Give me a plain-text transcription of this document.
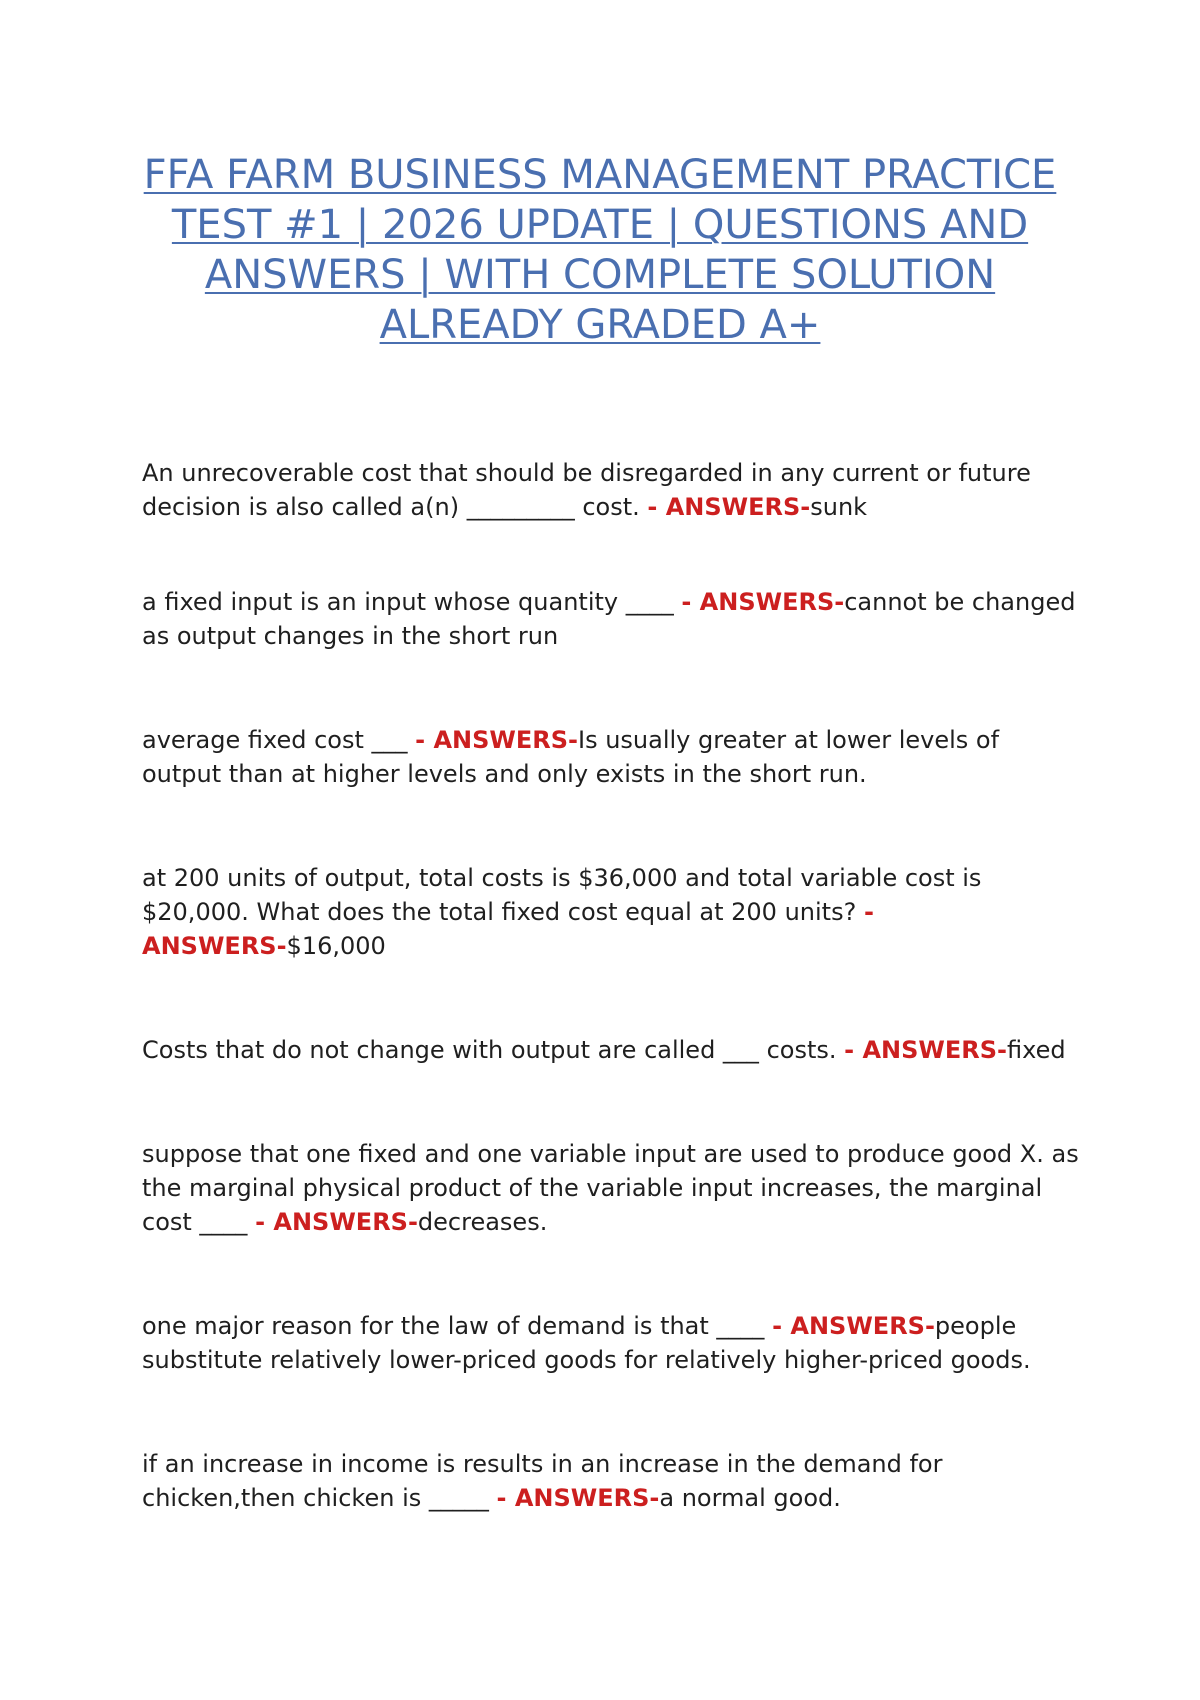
FFA FARM BUSINESS MANAGEMENT PRACTICE TEST #1 | 2026 UPDATE | QUESTIONS AND ANSWERS | WITH COMPLETE SOLUTION ALREADY GRADED A+

An unrecoverable cost that should be disregarded in any current or future decision is also called a(n) _________ cost. - ANSWERS-sunk

a fixed input is an input whose quantity ____ - ANSWERS-cannot be changed as output changes in the short run

average fixed cost ___ - ANSWERS-Is usually greater at lower levels of output than at higher levels and only exists in the short run.

at 200 units of output, total costs is $36,000 and total variable cost is $20,000. What does the total fixed cost equal at 200 units? - ANSWERS-$16,000

Costs that do not change with output are called ___ costs. - ANSWERS-fixed

suppose that one fixed and one variable input are used to produce good X. as the marginal physical product of the variable input increases, the marginal cost ____ - ANSWERS-decreases.

one major reason for the law of demand is that ____ - ANSWERS-people substitute relatively lower-priced goods for relatively higher-priced goods.

if an increase in income is results in an increase in the demand for chicken,then chicken is _____ - ANSWERS-a normal good.
